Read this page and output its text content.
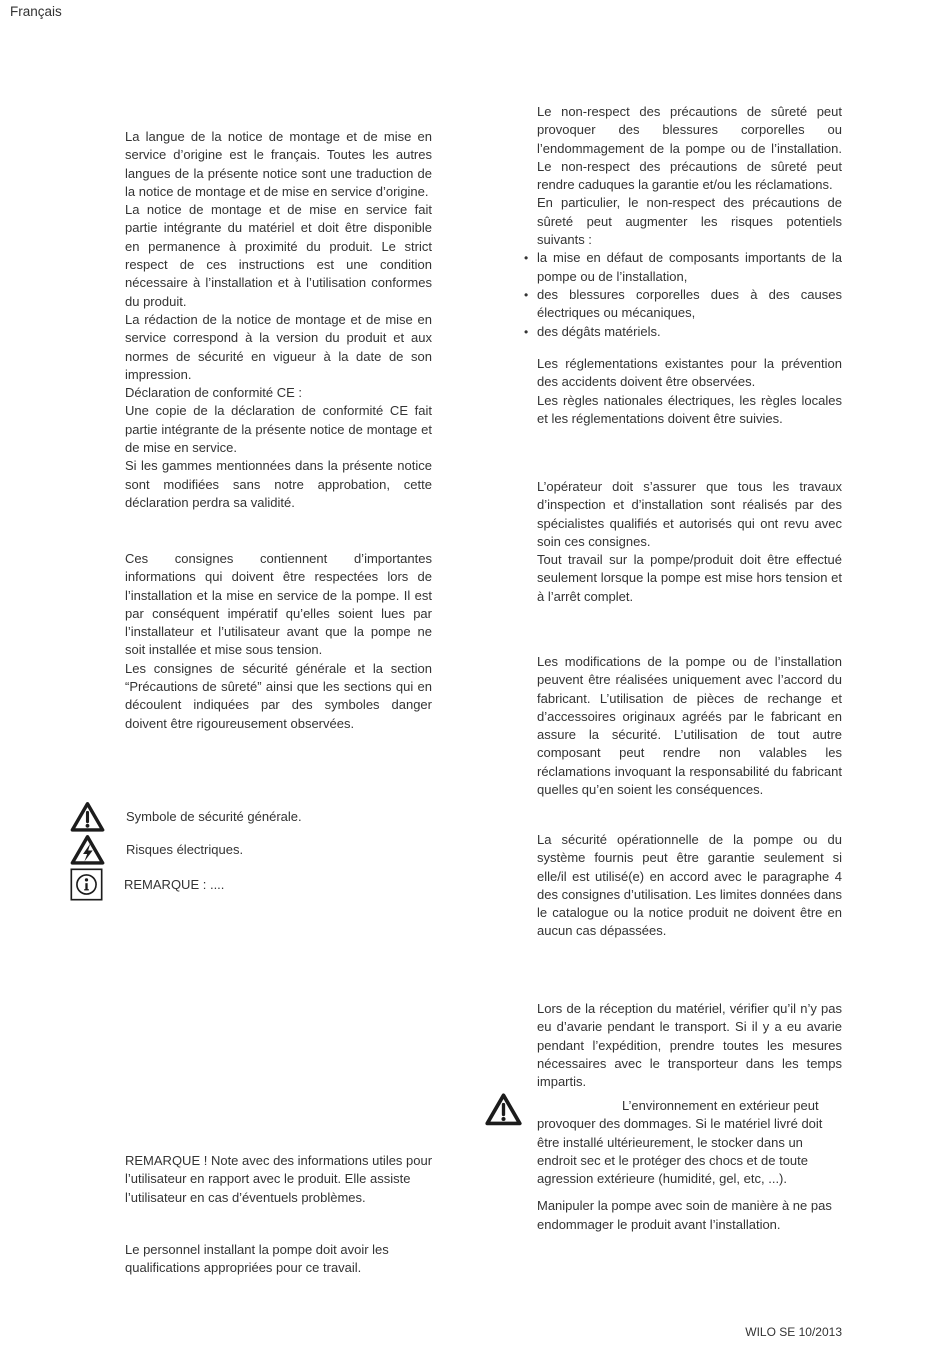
Français

La langue de la notice de montage et de mise en service d’origine est le français. Toutes les autres langues de la présente notice sont une traduction de la notice de montage et de mise en service d’origine.

La notice de montage et de mise en service fait partie intégrante du matériel et doit être disponible en permanence à proximité du produit. Le strict respect de ces instructions est une condition nécessaire à l’installation et à l’utilisation conformes du produit.

La rédaction de la notice de montage et de mise en service correspond à la version du produit et aux normes de sécurité en vigueur à la date de son impression.

Déclaration de conformité CE :

Une copie de la déclaration de conformité CE fait partie intégrante de la présente notice de montage et de mise en service.

Si les gammes mentionnées dans la présente notice sont modifiées sans notre approbation, cette déclaration perdra sa validité.

Ces consignes contiennent d’importantes informations qui doivent être respectées lors de l’installation et la mise en service de la pompe. Il est par conséquent impératif qu’elles soient lues par l’installateur et l’utilisateur avant que la pompe ne soit installée et mise sous tension.

Les consignes de sécurité générale et la section “Précautions de sûreté” ainsi que les sections qui en découlent indiquées par des symboles danger doivent être rigoureusement observées.

Symbole de sécurité générale.
Risques électriques.
REMARQUE : ....

REMARQUE ! Note avec des informations utiles pour l’utilisateur en rapport avec le produit. Elle assiste l’utilisateur en cas d’éventuels problèmes.

Le personnel installant la pompe doit avoir les qualifications appropriées pour ce travail.

Le non-respect des précautions de sûreté peut provoquer des blessures corporelles ou l’endommagement de la pompe ou de l’installation. Le non-respect des précautions de sûreté peut rendre caduques la garantie et/ou les réclamations.

En particulier, le non-respect des précautions de sûreté peut augmenter les risques potentiels suivants :

• la mise en défaut de composants importants de la pompe ou de l’installation,
• des blessures corporelles dues à des causes électriques ou mécaniques,
• des dégâts matériels.

Les réglementations existantes pour la prévention des accidents doivent être observées.

Les règles nationales électriques, les règles locales et les réglementations doivent être suivies.

L’opérateur doit s’assurer que tous les travaux d’inspection et d’installation sont réalisés par des spécialistes qualifiés et autorisés qui ont revu avec soin ces consignes.

Tout travail sur la pompe/produit doit être effectué seulement lorsque la pompe est mise hors tension et à l’arrêt complet.

Les modifications de la pompe ou de l’installation peuvent être réalisées uniquement avec l’accord du fabricant. L’utilisation de pièces de rechange et d’accessoires originaux agréés par le fabricant en assure la sécurité. L’utilisation de tout autre composant peut rendre non valables les réclamations invoquant la responsabilité du fabricant quelles qu’en soient les conséquences.

La sécurité opérationnelle de la pompe ou du système fournis peut être garantie seulement si elle/il est utilisé(e) en accord avec le paragraphe 4 des consignes d’utilisation. Les limites données dans le catalogue ou la notice produit ne doivent être en aucun cas dépassées.

Lors de la réception du matériel, vérifier qu’il n’y pas eu d’avarie pendant le transport. Si il y a eu avarie pendant l’expédition, prendre toutes les mesures nécessaires avec le transporteur dans les temps impartis.

L’environnement en extérieur peut provoquer des dommages. Si le matériel livré doit être installé ultérieurement, le stocker dans un endroit sec et le protéger des chocs et de toute agression extérieure (humidité, gel, etc, ...).

Manipuler la pompe avec soin de manière à ne pas endommager le produit avant l’installation.

WILO SE 10/2013
